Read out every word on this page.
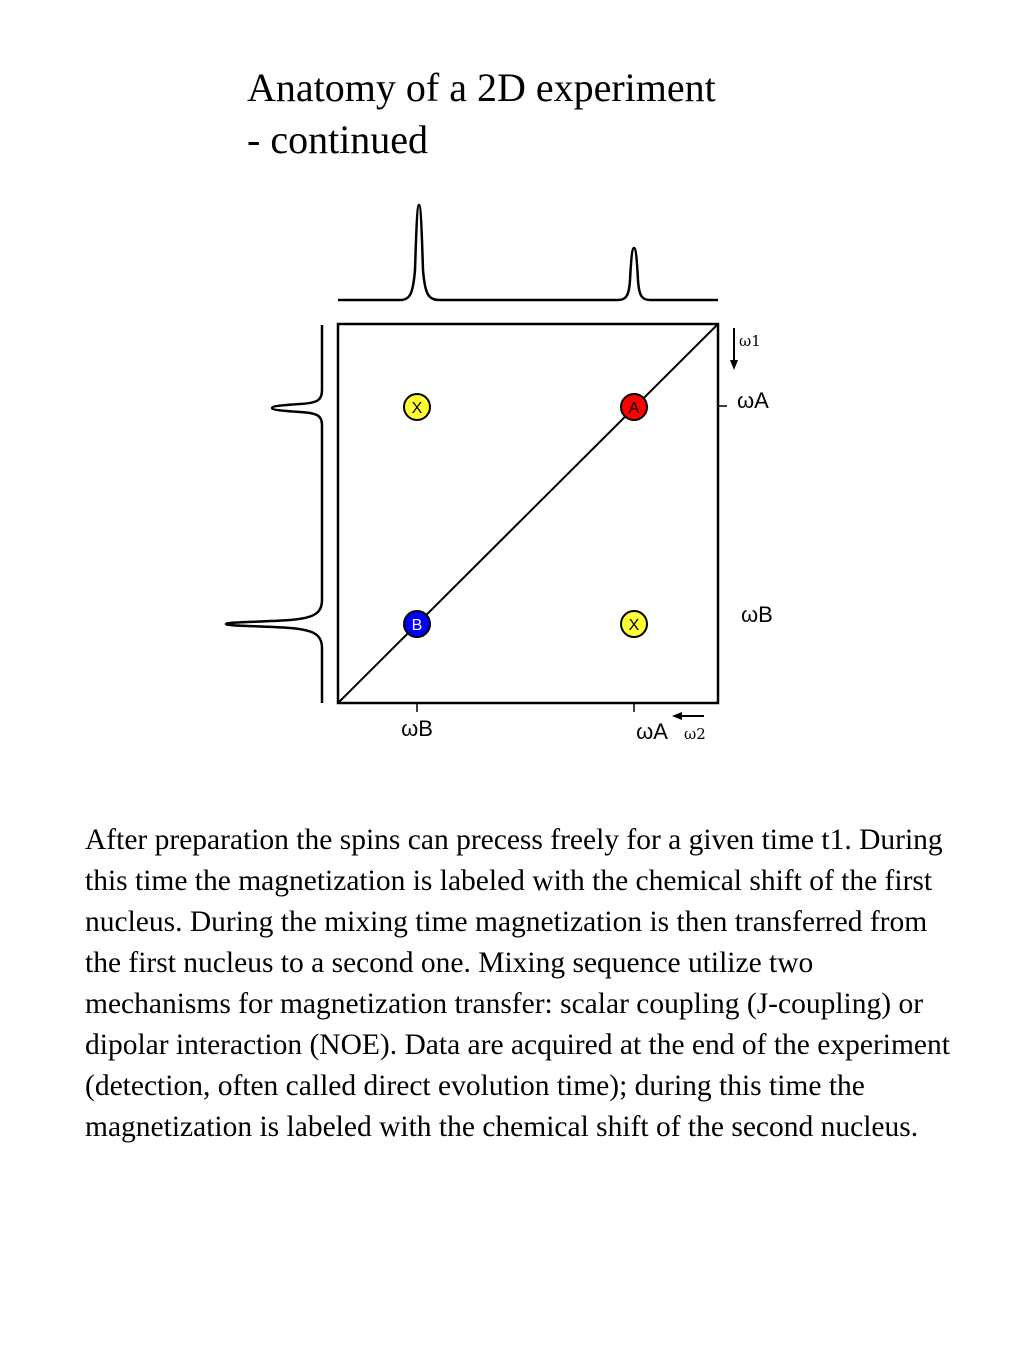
Anatomy of a 2D experiment
- continued
X	A
B	X
ω1
ω2
ωA
ωB
ωB	ωA

After preparation the spins can precess freely for a given time t1. During this time the magnetization is labeled with the chemical shift of the first nucleus. During the mixing time magnetization is then transferred from the first nucleus to a second one. Mixing sequence utilize two mechanisms for magnetization transfer: scalar coupling (J-coupling) or dipolar interaction (NOE). Data are acquired at the end of the experiment (detection, often called direct evolution time); during this time the magnetization is labeled with the chemical shift of the second nucleus.
